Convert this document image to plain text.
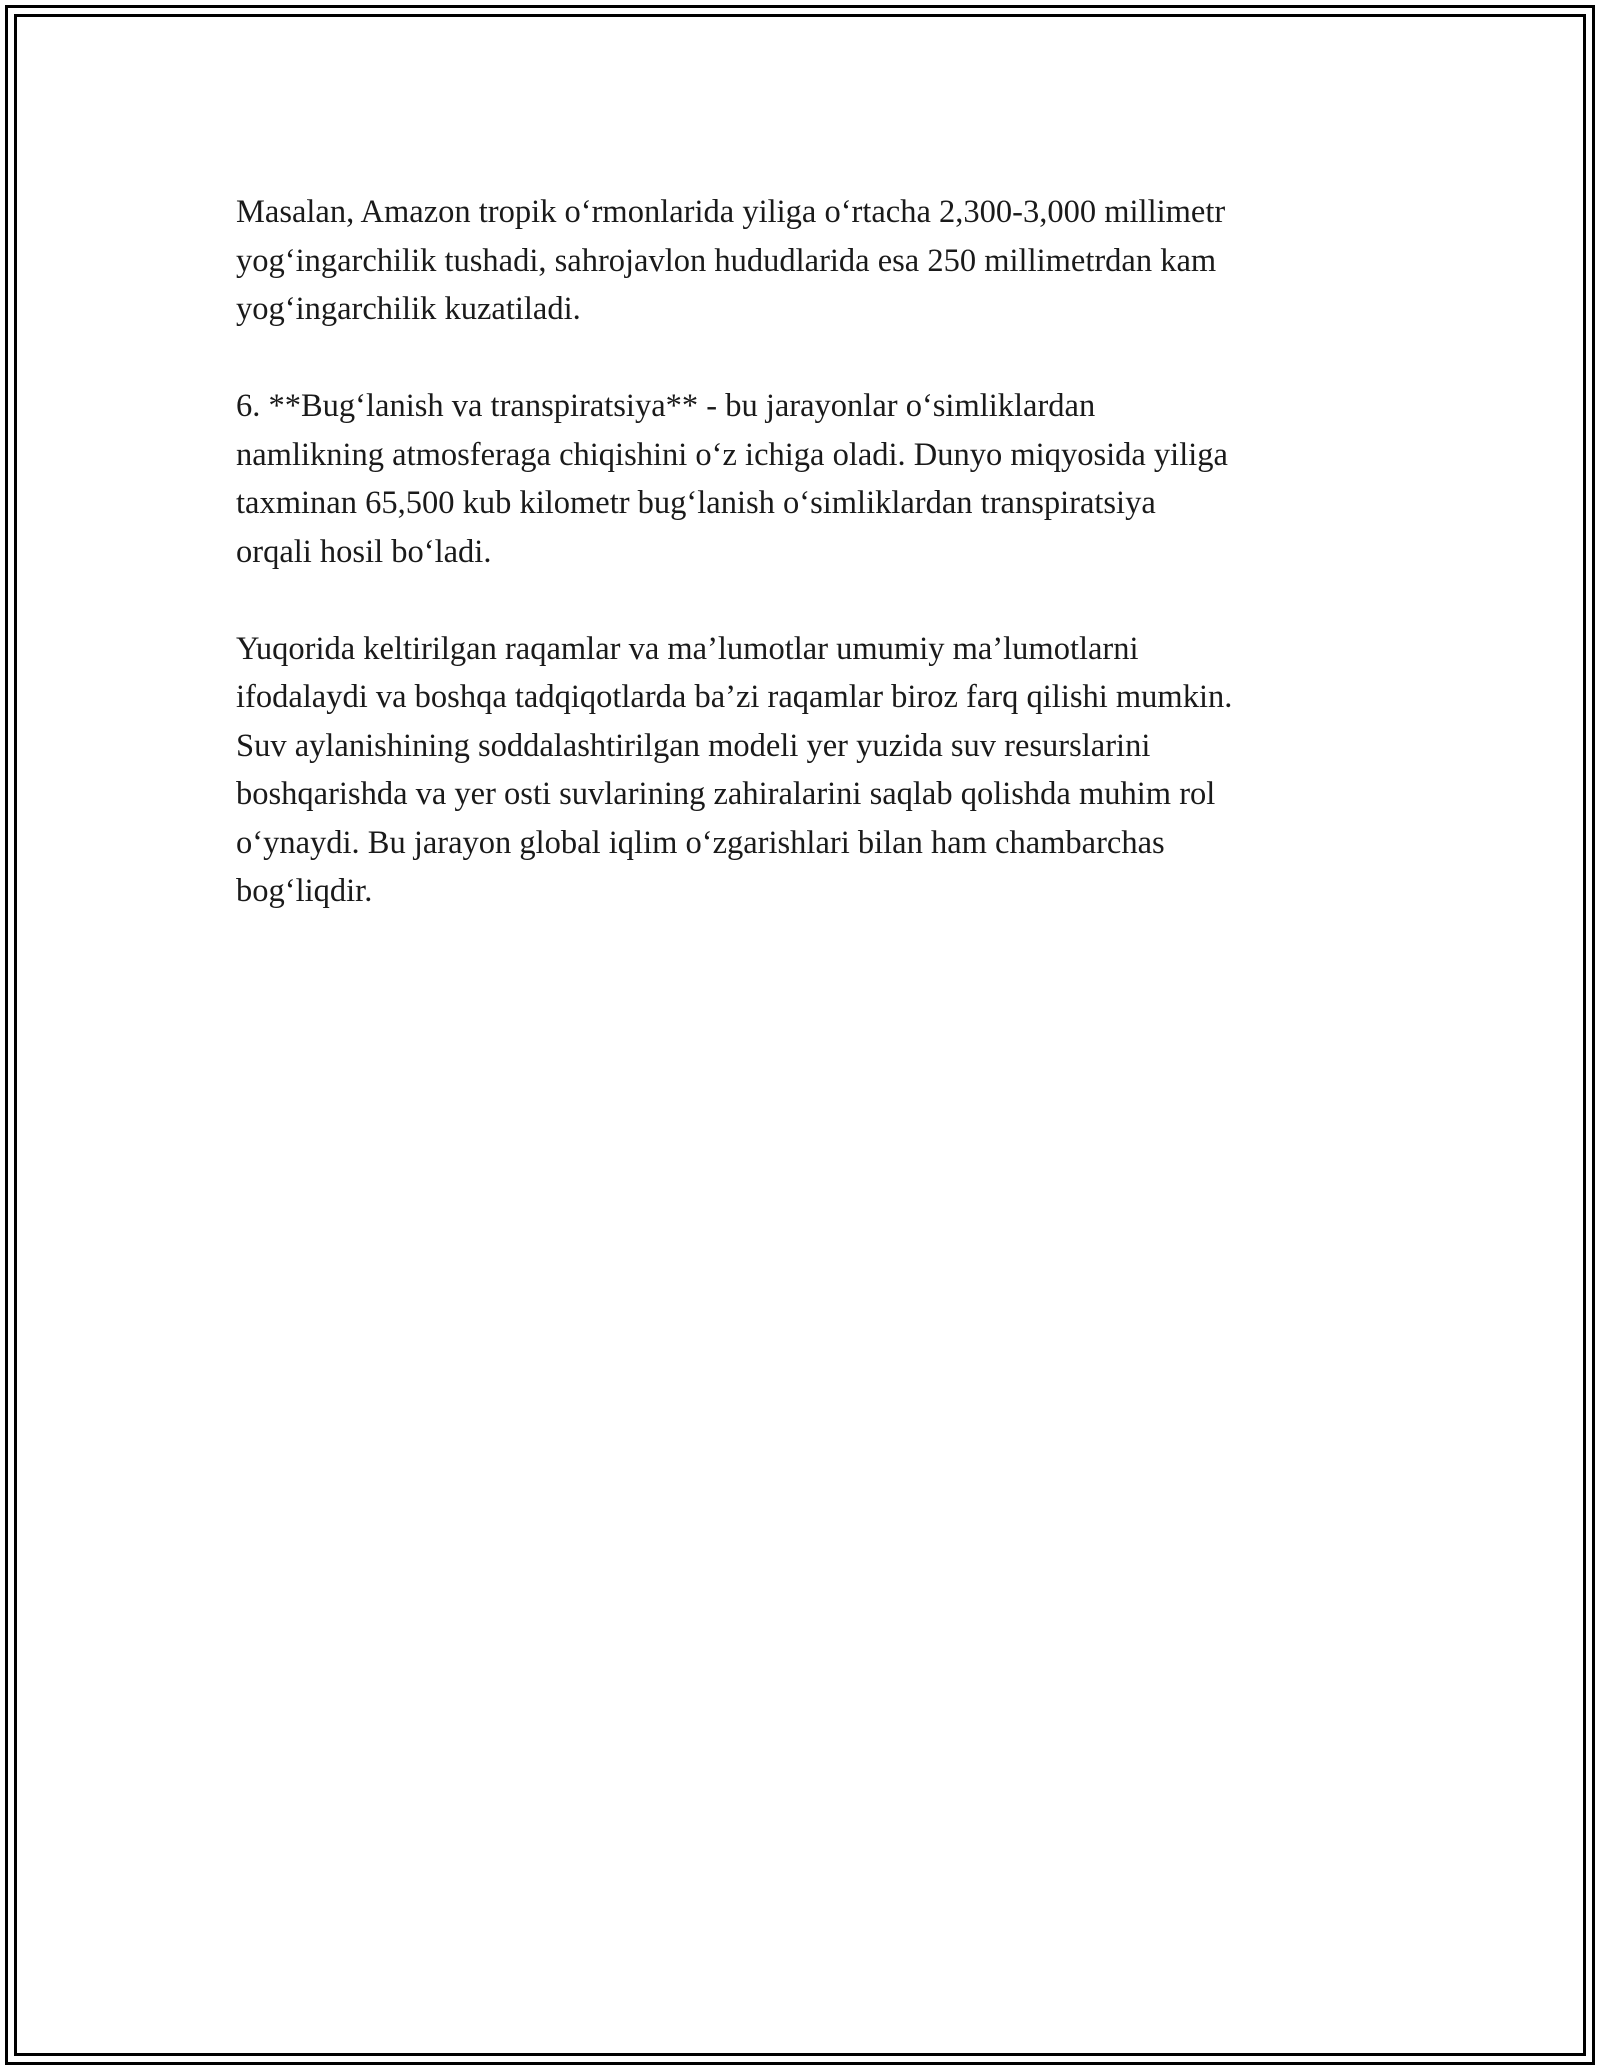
Masalan, Amazon tropik o‘rmonlarida yiliga o‘rtacha 2,300-3,000 millimetr
yog‘ingarchilik tushadi, sahrojavlon hududlarida esa 250 millimetrdan kam
yog‘ingarchilik kuzatiladi.

6. **Bug‘lanish va transpiratsiya** - bu jarayonlar o‘simliklardan
namlikning atmosferaga chiqishini o‘z ichiga oladi. Dunyo miqyosida yiliga
taxminan 65,500 kub kilometr bug‘lanish o‘simliklardan transpiratsiya
orqali hosil bo‘ladi.

Yuqorida keltirilgan raqamlar va ma’lumotlar umumiy ma’lumotlarni
ifodalaydi va boshqa tadqiqotlarda ba’zi raqamlar biroz farq qilishi mumkin.
Suv aylanishining soddalashtirilgan modeli yer yuzida suv resurslarini
boshqarishda va yer osti suvlarining zahiralarini saqlab qolishda muhim rol
o‘ynaydi. Bu jarayon global iqlim o‘zgarishlari bilan ham chambarchas
bog‘liqdir.
